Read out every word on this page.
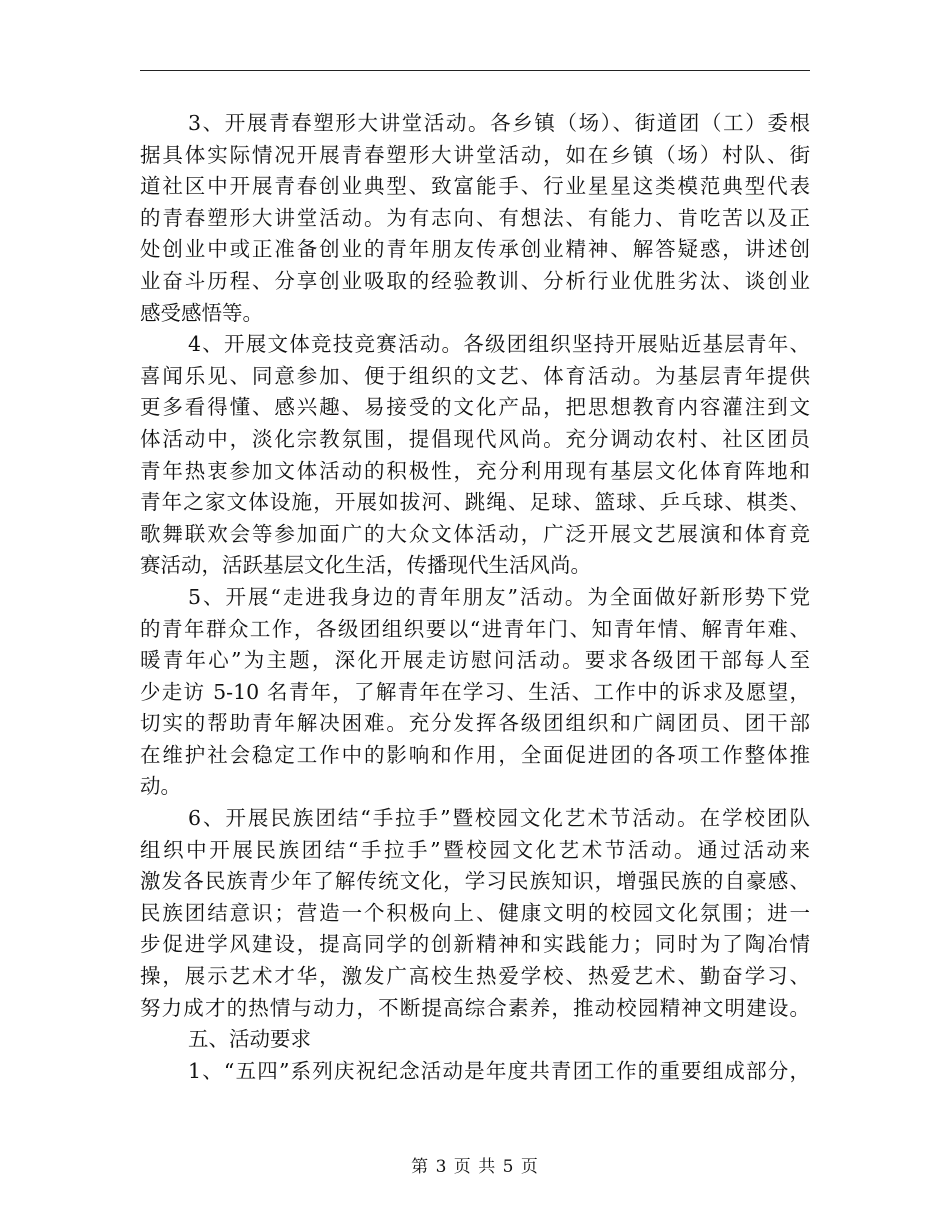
3、开展青春塑形大讲堂活动。各乡镇（场）、街道团（工）委根
据具体实际情况开展青春塑形大讲堂活动，如在乡镇（场）村队、街
道社区中开展青春创业典型、致富能手、行业星星这类模范典型代表
的青春塑形大讲堂活动。为有志向、有想法、有能力、肯吃苦以及正
处创业中或正准备创业的青年朋友传承创业精神、解答疑惑，讲述创
业奋斗历程、分享创业吸取的经验教训、分析行业优胜劣汰、谈创业
感受感悟等。
4、开展文体竞技竞赛活动。各级团组织坚持开展贴近基层青年、
喜闻乐见、同意参加、便于组织的文艺、体育活动。为基层青年提供
更多看得懂、感兴趣、易接受的文化产品，把思想教育内容灌注到文
体活动中，淡化宗教氛围，提倡现代风尚。充分调动农村、社区团员
青年热衷参加文体活动的积极性，充分利用现有基层文化体育阵地和
青年之家文体设施，开展如拔河、跳绳、足球、篮球、乒乓球、棋类、
歌舞联欢会等参加面广的大众文体活动，广泛开展文艺展演和体育竞
赛活动，活跃基层文化生活，传播现代生活风尚。
5、开展“走进我身边的青年朋友”活动。为全面做好新形势下党
的青年群众工作，各级团组织要以“进青年门、知青年情、解青年难、
暖青年心”为主题，深化开展走访慰问活动。要求各级团干部每人至
少走访 5-10 名青年，了解青年在学习、生活、工作中的诉求及愿望，
切实的帮助青年解决困难。充分发挥各级团组织和广阔团员、团干部
在维护社会稳定工作中的影响和作用，全面促进团的各项工作整体推
动。
6、开展民族团结“手拉手”暨校园文化艺术节活动。在学校团队
组织中开展民族团结“手拉手”暨校园文化艺术节活动。通过活动来
激发各民族青少年了解传统文化，学习民族知识，增强民族的自豪感、
民族团结意识；营造一个积极向上、健康文明的校园文化氛围；进一
步促进学风建设，提高同学的创新精神和实践能力；同时为了陶冶情
操，展示艺术才华，激发广高校生热爱学校、热爱艺术、勤奋学习、
努力成才的热情与动力，不断提高综合素养，推动校园精神文明建设。
五、活动要求
1、“五四”系列庆祝纪念活动是年度共青团工作的重要组成部分，
第 3 页 共 5 页
